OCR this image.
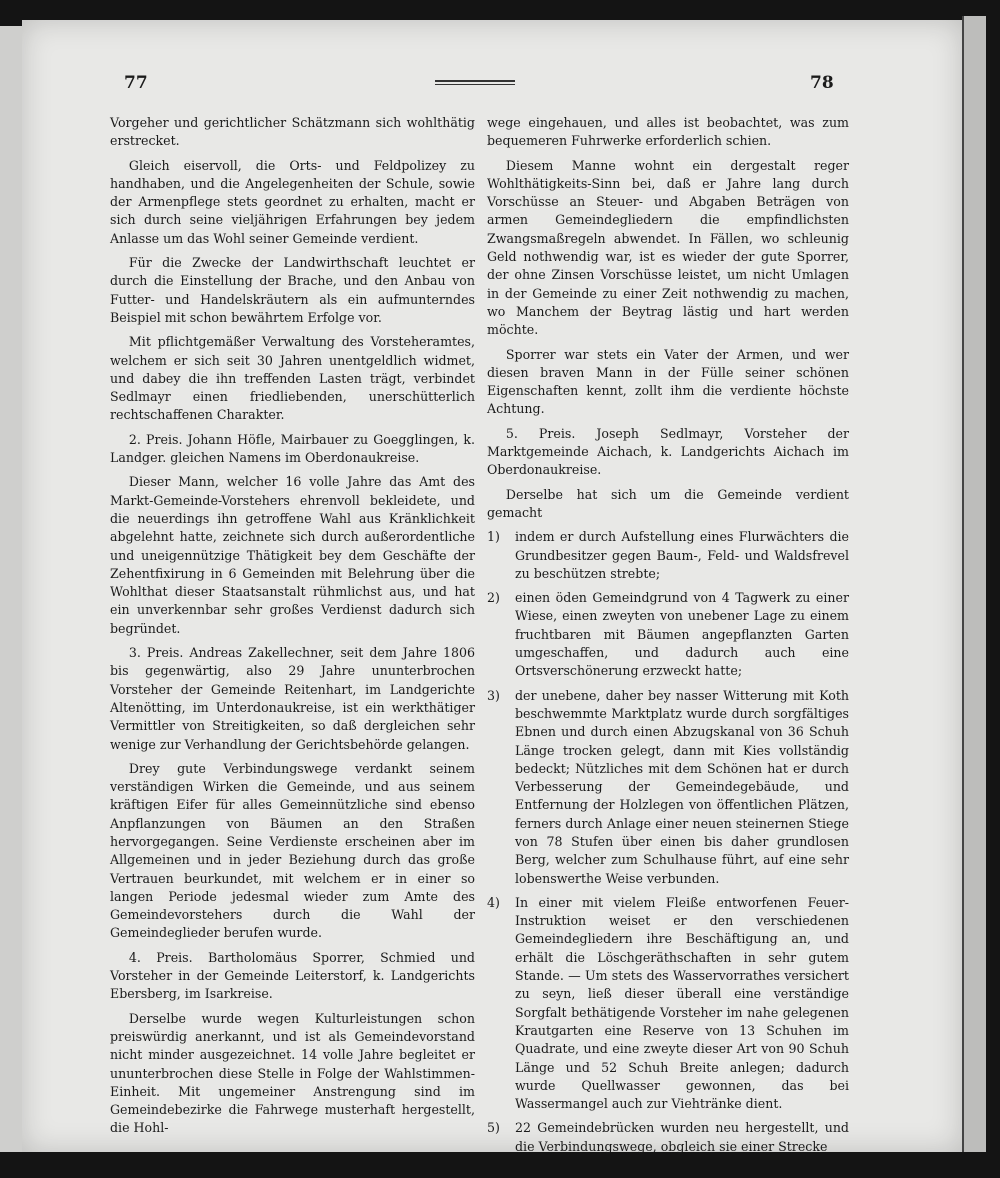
77	78

Vorgeher und gerichtlicher Schätzmann sich wohlthätig erstrecket.

Gleich eiservoll, die Orts- und Feldpolizey zu handhaben, und die Angelegenheiten der Schule, sowie der Armenpflege stets geordnet zu erhalten, macht er sich durch seine vieljährigen Erfahrungen bey jedem Anlasse um das Wohl seiner Gemeinde verdient.

Für die Zwecke der Landwirthschaft leuchtet er durch die Einstellung der Brache, und den Anbau von Futter- und Handelskräutern als ein aufmunterndes Beispiel mit schon bewährtem Erfolge vor.

Mit pflichtgemäßer Verwaltung des Vorsteheramtes, welchem er sich seit 30 Jahren unentgeldlich widmet, und dabey die ihn treffenden Lasten trägt, verbindet Sedlmayr einen friedliebenden, unerschütterlich rechtschaffenen Charakter.

2. Preis. Johann Höfle, Mairbauer zu Goegglingen, k. Landger. gleichen Namens im Oberdonaukreise.

Dieser Mann, welcher 16 volle Jahre das Amt des Markt-Gemeinde-Vorstehers ehrenvoll bekleidete, und die neuerdings ihn getroffene Wahl aus Kränklichkeit abgelehnt hatte, zeichnete sich durch außerordentliche und uneigennützige Thätigkeit bey dem Geschäfte der Zehentfixirung in 6 Gemeinden mit Belehrung über die Wohlthat dieser Staatsanstalt rühmlichst aus, und hat ein unverkennbar sehr großes Verdienst dadurch sich begründet.

3. Preis. Andreas Zakellechner, seit dem Jahre 1806 bis gegenwärtig, also 29 Jahre ununterbrochen Vorsteher der Gemeinde Reitenhart, im Landgerichte Altenötting, im Unterdonaukreise, ist ein werkthätiger Vermittler von Streitigkeiten, so daß dergleichen sehr wenige zur Verhandlung der Gerichtsbehörde gelangen.

Drey gute Verbindungswege verdankt seinem verständigen Wirken die Gemeinde, und aus seinem kräftigen Eifer für alles Gemeinnützliche sind ebenso Anpflanzungen von Bäumen an den Straßen hervorgegangen. Seine Verdienste erscheinen aber im Allgemeinen und in jeder Beziehung durch das große Vertrauen beurkundet, mit welchem er in einer so langen Periode jedesmal wieder zum Amte des Gemeindevorstehers durch die Wahl der Gemeindeglieder berufen wurde.

4. Preis. Bartholomäus Sporrer, Schmied und Vorsteher in der Gemeinde Leiterstorf, k. Landgerichts Ebersberg, im Isarkreise.

Derselbe wurde wegen Kulturleistungen schon preiswürdig anerkannt, und ist als Gemeindevorstand nicht minder ausgezeichnet. 14 volle Jahre begleitet er ununterbrochen diese Stelle in Folge der Wahlstimmen-Einheit. Mit ungemeiner Anstrengung sind im Gemeindebezirke die Fahrwege musterhaft hergestellt, die Hohl-

wege eingehauen, und alles ist beobachtet, was zum bequemeren Fuhrwerke erforderlich schien.

Diesem Manne wohnt ein dergestalt reger Wohlthätigkeits-Sinn bei, daß er Jahre lang durch Vorschüsse an Steuer- und Abgaben Beträgen von armen Gemeindegliedern die empfindlichsten Zwangsmaßregeln abwendet. In Fällen, wo schleunig Geld nothwendig war, ist es wieder der gute Sporrer, der ohne Zinsen Vorschüsse leistet, um nicht Umlagen in der Gemeinde zu einer Zeit nothwendig zu machen, wo Manchem der Beytrag lästig und hart werden möchte.

Sporrer war stets ein Vater der Armen, und wer diesen braven Mann in der Fülle seiner schönen Eigenschaften kennt, zollt ihm die verdiente höchste Achtung.

5. Preis. Joseph Sedlmayr, Vorsteher der Marktgemeinde Aichach, k. Landgerichts Aichach im Oberdonaukreise.

Derselbe hat sich um die Gemeinde verdient gemacht

1) indem er durch Aufstellung eines Flurwächters die Grundbesitzer gegen Baum-, Feld- und Waldsfrevel zu beschützen strebte;

2) einen öden Gemeindgrund von 4 Tagwerk zu einer Wiese, einen zweyten von unebener Lage zu einem fruchtbaren mit Bäumen angepflanzten Garten umgeschaffen, und dadurch auch eine Ortsverschönerung erzweckt hatte;

3) der unebene, daher bey nasser Witterung mit Koth beschwemmte Marktplatz wurde durch sorgfältiges Ebnen und durch einen Abzugskanal von 36 Schuh Länge trocken gelegt, dann mit Kies vollständig bedeckt; Nützliches mit dem Schönen hat er durch Verbesserung der Gemeindegebäude, und Entfernung der Holzlegen von öffentlichen Plätzen, ferners durch Anlage einer neuen steinernen Stiege von 78 Stufen über einen bis daher grundlosen Berg, welcher zum Schulhause führt, auf eine sehr lobenswerthe Weise verbunden.

4) In einer mit vielem Fleiße entworfenen Feuer-Instruktion weiset er den verschiedenen Gemeindegliedern ihre Beschäftigung an, und erhält die Löschgeräthschaften in sehr gutem Stande. — Um stets des Wasservorrathes versichert zu seyn, ließ dieser überall eine verständige Sorgfalt bethätigende Vorsteher im nahe gelegenen Krautgarten eine Reserve von 13 Schuhen im Quadrate, und eine zweyte dieser Art von 90 Schuh Länge und 52 Schuh Breite anlegen; dadurch wurde Quellwasser gewonnen, das bei Wassermangel auch zur Viehtränke dient.

5) 22 Gemeindebrücken wurden neu hergestellt, und die Verbindungswege, obgleich sie einer Strecke
